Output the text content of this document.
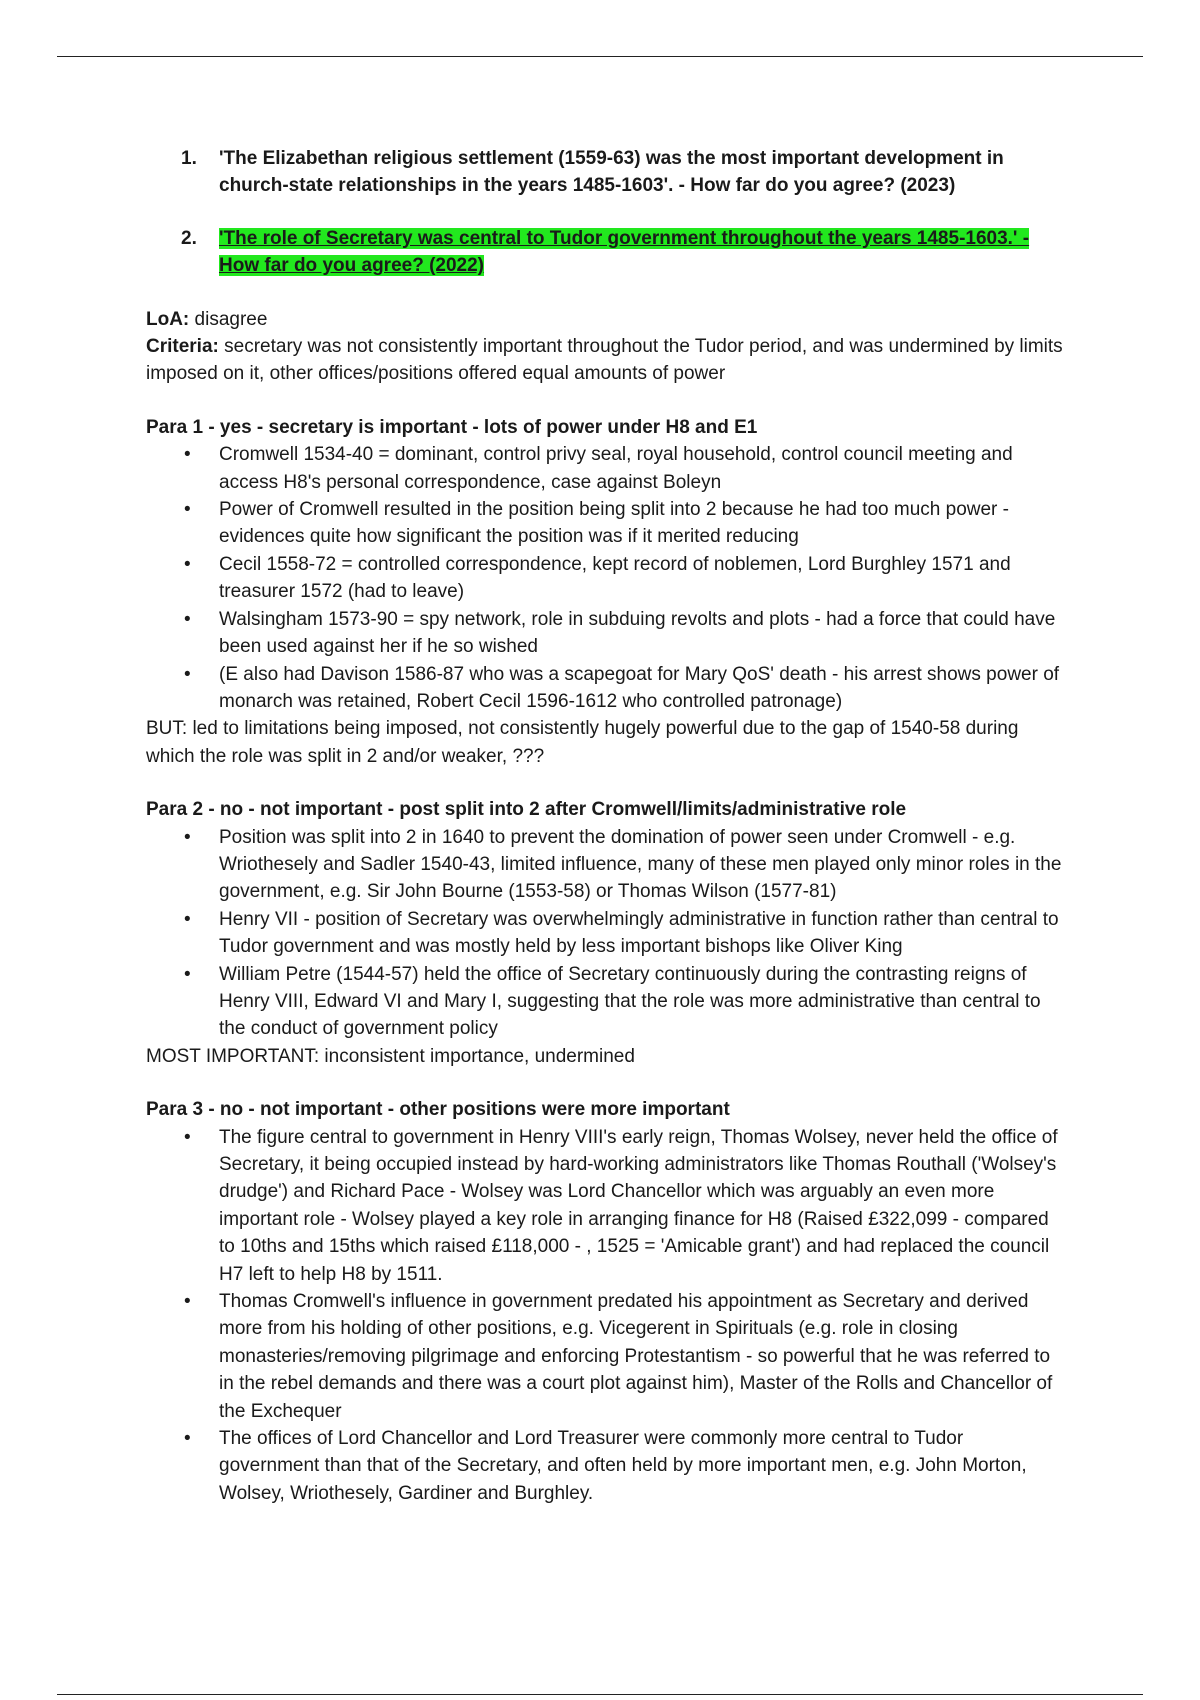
1. 'The Elizabethan religious settlement (1559-63) was the most important development in church-state relationships in the years 1485-1603'. - How far do you agree? (2023)
2. 'The role of Secretary was central to Tudor government throughout the years 1485-1603.' - How far do you agree? (2022)
LoA: disagree
Criteria: secretary was not consistently important throughout the Tudor period, and was undermined by limits imposed on it, other offices/positions offered equal amounts of power
Para 1 - yes - secretary is important - lots of power under H8 and E1
• Cromwell 1534-40 = dominant, control privy seal, royal household, control council meeting and access H8's personal correspondence, case against Boleyn
• Power of Cromwell resulted in the position being split into 2 because he had too much power - evidences quite how significant the position was if it merited reducing
• Cecil 1558-72 = controlled correspondence, kept record of noblemen, Lord Burghley 1571 and treasurer 1572 (had to leave)
• Walsingham 1573-90 = spy network, role in subduing revolts and plots - had a force that could have been used against her if he so wished
• (E also had Davison 1586-87 who was a scapegoat for Mary QoS' death - his arrest shows power of monarch was retained, Robert Cecil 1596-1612 who controlled patronage)
BUT: led to limitations being imposed, not consistently hugely powerful due to the gap of 1540-58 during which the role was split in 2 and/or weaker, ???
Para 2 - no - not important - post split into 2 after Cromwell/limits/administrative role
• Position was split into 2 in 1640 to prevent the domination of power seen under Cromwell - e.g. Wriothesely and Sadler 1540-43, limited influence, many of these men played only minor roles in the government, e.g. Sir John Bourne (1553-58) or Thomas Wilson (1577-81)
• Henry VII - position of Secretary was overwhelmingly administrative in function rather than central to Tudor government and was mostly held by less important bishops like Oliver King
• William Petre (1544-57) held the office of Secretary continuously during the contrasting reigns of Henry VIII, Edward VI and Mary I, suggesting that the role was more administrative than central to the conduct of government policy
MOST IMPORTANT: inconsistent importance, undermined
Para 3 - no - not important - other positions were more important
• The figure central to government in Henry VIII's early reign, Thomas Wolsey, never held the office of Secretary, it being occupied instead by hard-working administrators like Thomas Routhall ('Wolsey's drudge') and Richard Pace - Wolsey was Lord Chancellor which was arguably an even more important role - Wolsey played a key role in arranging finance for H8 (Raised £322,099 - compared to 10ths and 15ths which raised £118,000 - , 1525 = 'Amicable grant') and had replaced the council H7 left to help H8 by 1511.
• Thomas Cromwell's influence in government predated his appointment as Secretary and derived more from his holding of other positions, e.g. Vicegerent in Spirituals (e.g. role in closing monasteries/removing pilgrimage and enforcing Protestantism - so powerful that he was referred to in the rebel demands and there was a court plot against him), Master of the Rolls and Chancellor of the Exchequer
• The offices of Lord Chancellor and Lord Treasurer were commonly more central to Tudor government than that of the Secretary, and often held by more important men, e.g. John Morton, Wolsey, Wriothesely, Gardiner and Burghley.
